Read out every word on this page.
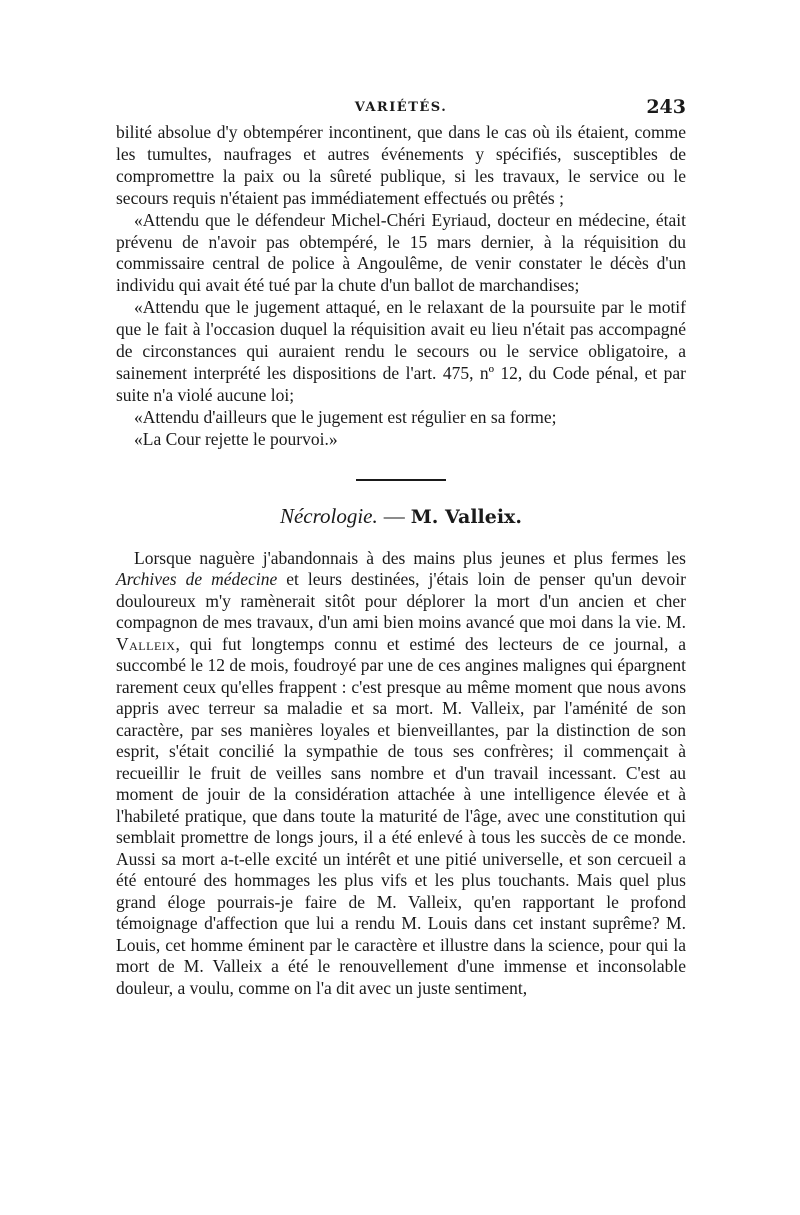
VARIÉTÉS.	243

bilité absolue d'y obtempérer incontinent, que dans le cas où ils étaient, comme les tumultes, naufrages et autres événements y spécifiés, susceptibles de compromettre la paix ou la sûreté publique, si les travaux, le service ou le secours requis n'étaient pas immédiatement effectués ou prêtés ;

«Attendu que le défendeur Michel-Chéri Eyriaud, docteur en médecine, était prévenu de n'avoir pas obtempéré, le 15 mars dernier, à la réquisition du commissaire central de police à Angoulême, de venir constater le décès d'un individu qui avait été tué par la chute d'un ballot de marchandises;

«Attendu que le jugement attaqué, en le relaxant de la poursuite par le motif que le fait à l'occasion duquel la réquisition avait eu lieu n'était pas accompagné de circonstances qui auraient rendu le secours ou le service obligatoire, a sainement interprété les dispositions de l'art. 475, nº 12, du Code pénal, et par suite n'a violé aucune loi;

«Attendu d'ailleurs que le jugement est régulier en sa forme;

«La Cour rejette le pourvoi.»

Nécrologie. — M. Valleix.

Lorsque naguère j'abandonnais à des mains plus jeunes et plus fermes les Archives de médecine et leurs destinées, j'étais loin de penser qu'un devoir douloureux m'y ramènerait sitôt pour déplorer la mort d'un ancien et cher compagnon de mes travaux, d'un ami bien moins avancé que moi dans la vie. M. Valleix, qui fut longtemps connu et estimé des lecteurs de ce journal, a succombé le 12 de mois, foudroyé par une de ces angines malignes qui épargnent rarement ceux qu'elles frappent : c'est presque au même moment que nous avons appris avec terreur sa maladie et sa mort. M. Valleix, par l'aménité de son caractère, par ses manières loyales et bienveillantes, par la distinction de son esprit, s'était concilié la sympathie de tous ses confrères; il commençait à recueillir le fruit de veilles sans nombre et d'un travail incessant. C'est au moment de jouir de la considération attachée à une intelligence élevée et à l'habileté pratique, que dans toute la maturité de l'âge, avec une constitution qui semblait promettre de longs jours, il a été enlevé à tous les succès de ce monde. Aussi sa mort a-t-elle excité un intérêt et une pitié universelle, et son cercueil a été entouré des hommages les plus vifs et les plus touchants. Mais quel plus grand éloge pourrais-je faire de M. Valleix, qu'en rapportant le profond témoignage d'affection que lui a rendu M. Louis dans cet instant suprême? M. Louis, cet homme éminent par le caractère et illustre dans la science, pour qui la mort de M. Valleix a été le renouvellement d'une immense et inconsolable douleur, a voulu, comme on l'a dit avec un juste sentiment,
